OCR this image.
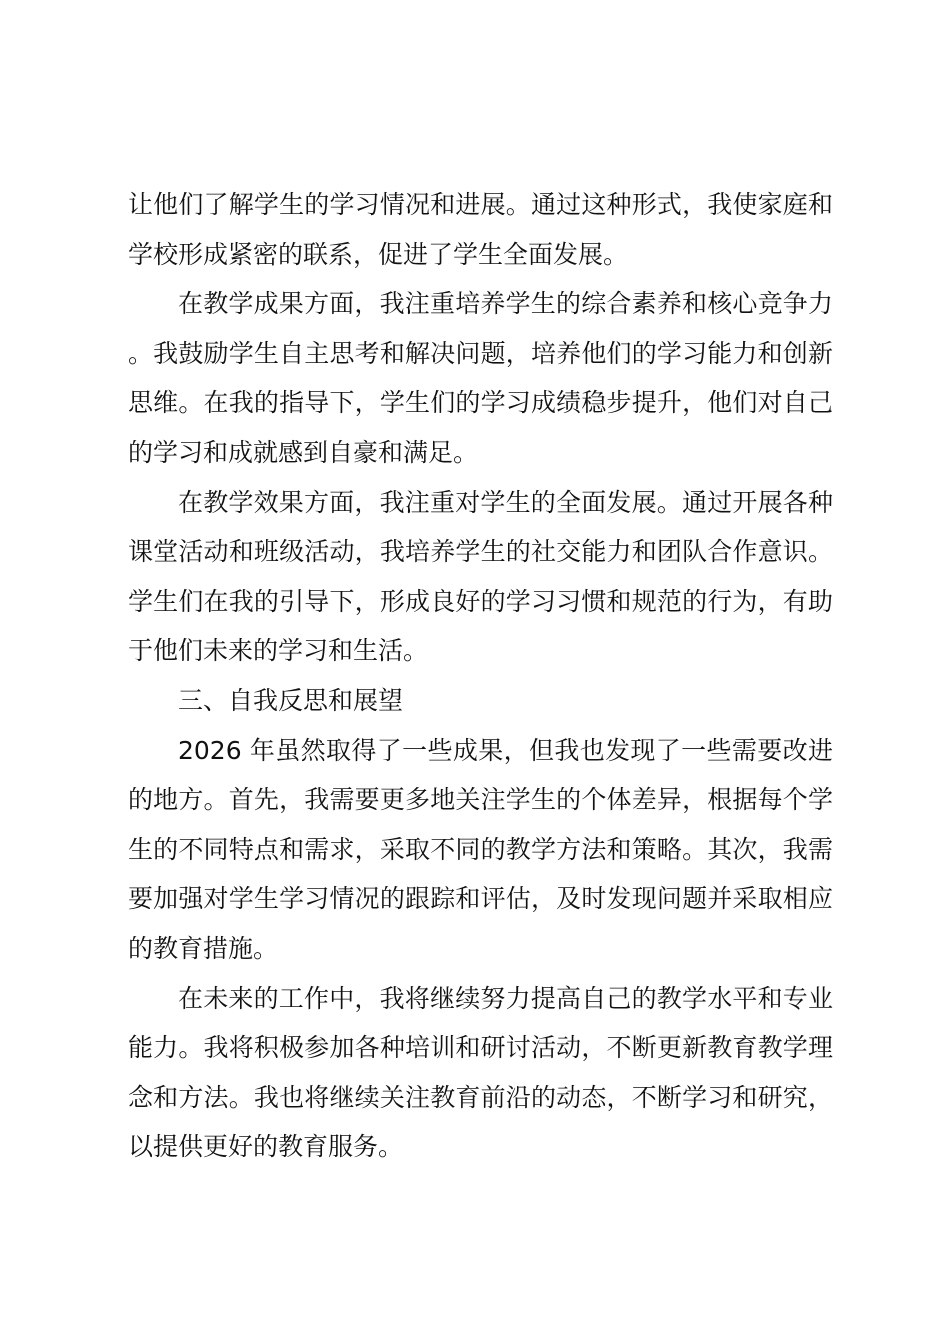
让他们了解学生的学习情况和进展。通过这种形式，我使家庭和学校形成紧密的联系，促进了学生全面发展。

在教学成果方面，我注重培养学生的综合素养和核心竞争力。我鼓励学生自主思考和解决问题，培养他们的学习能力和创新思维。在我的指导下，学生们的学习成绩稳步提升，他们对自己的学习和成就感到自豪和满足。

在教学效果方面，我注重对学生的全面发展。通过开展各种课堂活动和班级活动，我培养学生的社交能力和团队合作意识。学生们在我的引导下，形成良好的学习习惯和规范的行为，有助于他们未来的学习和生活。

三、自我反思和展望

2026 年虽然取得了一些成果，但我也发现了一些需要改进的地方。首先，我需要更多地关注学生的个体差异，根据每个学生的不同特点和需求，采取不同的教学方法和策略。其次，我需要加强对学生学习情况的跟踪和评估，及时发现问题并采取相应的教育措施。

在未来的工作中，我将继续努力提高自己的教学水平和专业能力。我将积极参加各种培训和研讨活动，不断更新教育教学理念和方法。我也将继续关注教育前沿的动态，不断学习和研究，以提供更好的教育服务。
